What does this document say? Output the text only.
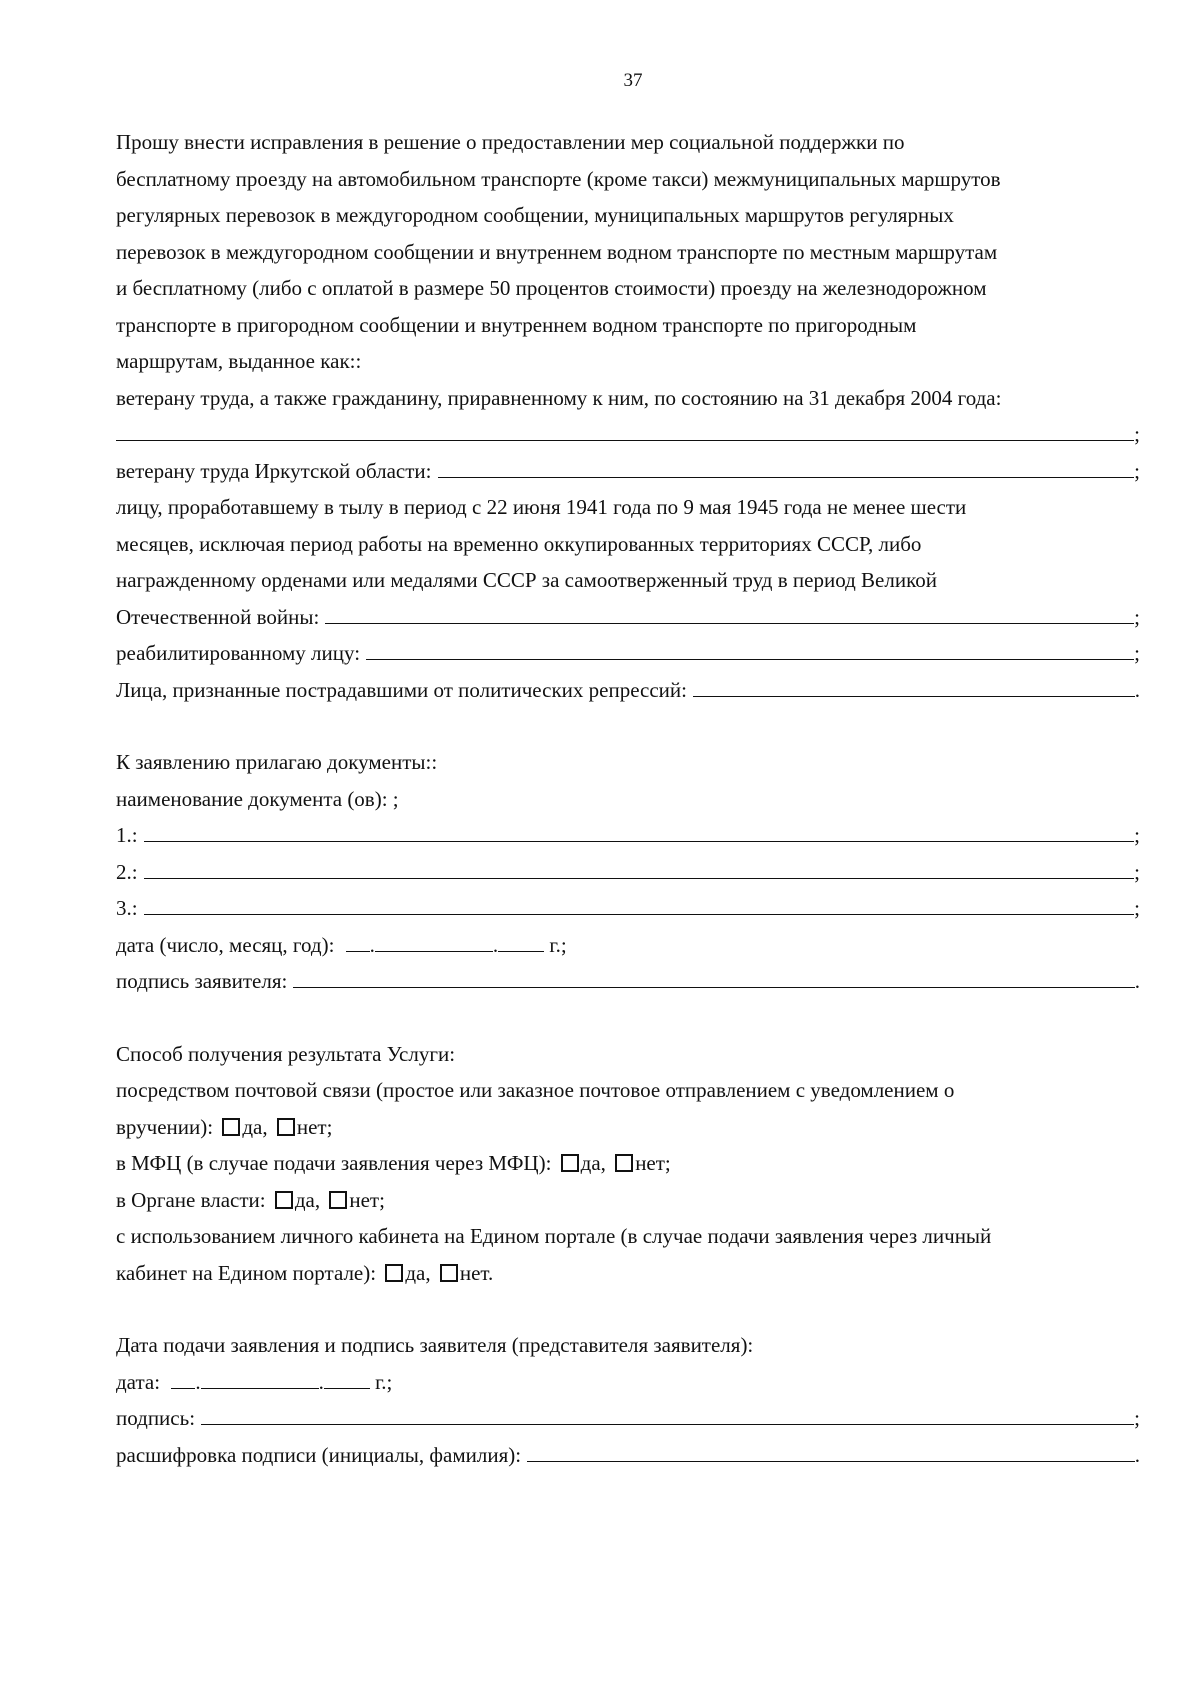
37
Прошу внести исправления в решение о предоставлении мер социальной поддержки по
бесплатному проезду на автомобильном транспорте (кроме такси) межмуниципальных маршрутов
регулярных перевозок в междугородном сообщении, муниципальных маршрутов регулярных
перевозок в междугородном сообщении и внутреннем водном транспорте по местным маршрутам
и бесплатному (либо с оплатой в размере 50 процентов стоимости) проезду на железнодорожном
транспорте в пригородном сообщении и внутреннем водном транспорте по пригородным
маршрутам, выданное как::
ветерану труда, а также гражданину, приравненному к ним, по состоянию на 31 декабря 2004 года:
;
ветерану труда Иркутской области:	;
лицу, проработавшему в тылу в период с 22 июня 1941 года по 9 мая 1945 года не менее шести
месяцев, исключая период работы на временно оккупированных территориях СССР, либо
награжденному орденами или медалями СССР за самоотверженный труд в период Великой
Отечественной войны:	;
реабилитированному лицу:	;
Лица, признанные пострадавшими от политических репрессий:	.
К заявлению прилагаю документы::
наименование документа (ов): ;
1.:	;
2.:	;
3.:	;
дата (число, месяц, год): .	. г.;
подпись заявителя:	.
Способ получения результата Услуги:
посредством почтовой связи (простое или заказное почтовое отправлением с уведомлением о
вручении): да, нет;
в МФЦ (в случае подачи заявления через МФЦ): да, нет;
в Органе власти: да, нет;
с использованием личного кабинета на Едином портале (в случае подачи заявления через личный
кабинет на Едином портале): да, нет.
Дата подачи заявления и подпись заявителя (представителя заявителя):
дата: .	. г.;
подпись:	;
расшифровка подписи (инициалы, фамилия):	.
